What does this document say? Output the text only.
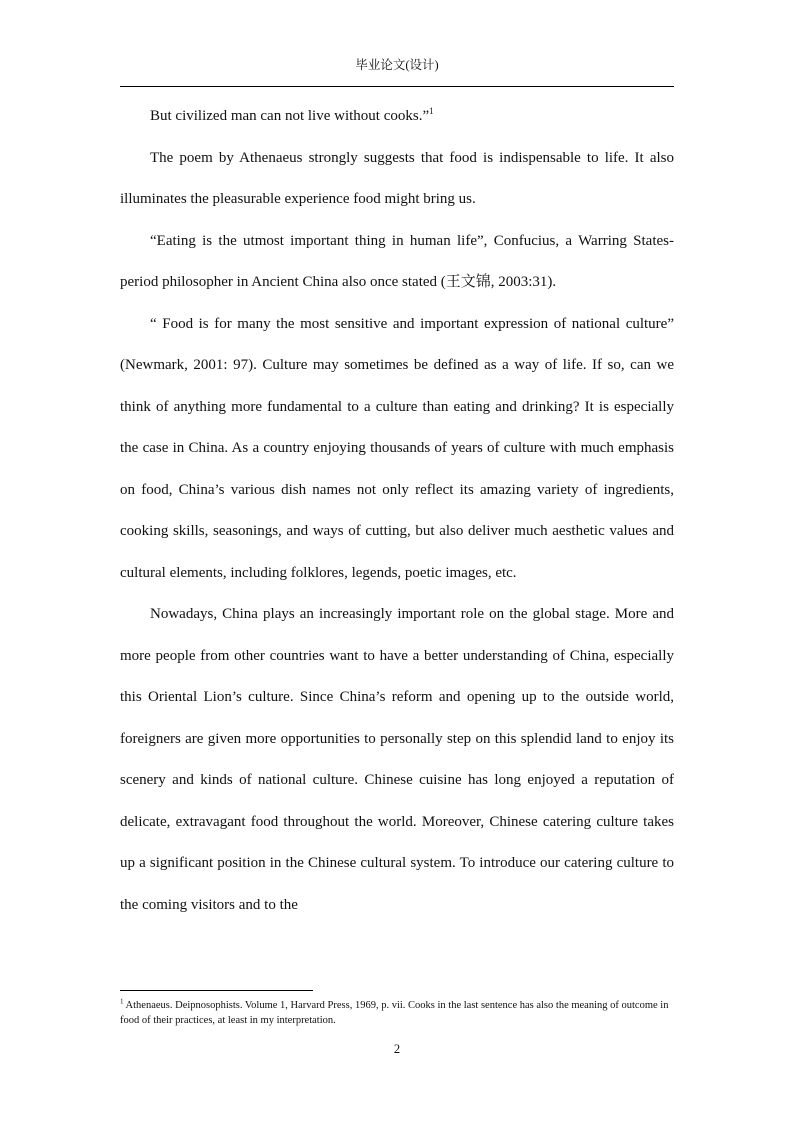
毕业论文(设计)

But civilized man can not live without cooks.”$^1$

The poem by Athenaeus strongly suggests that food is indispensable to life. It also illuminates the pleasurable experience food might bring us.

“Eating is the utmost important thing in human life”, Confucius, a Warring States-period philosopher in Ancient China also once stated (王文锦, 2003:31).

“ Food is for many the most sensitive and important expression of national culture” (Newmark, 2001: 97). Culture may sometimes be defined as a way of life. If so, can we think of anything more fundamental to a culture than eating and drinking? It is especially the case in China. As a country enjoying thousands of years of culture with much emphasis on food, China’s various dish names not only reflect its amazing variety of ingredients, cooking skills, seasonings, and ways of cutting, but also deliver much aesthetic values and cultural elements, including folklores, legends, poetic images, etc.

Nowadays, China plays an increasingly important role on the global stage. More and more people from other countries want to have a better understanding of China, especially this Oriental Lion’s culture. Since China’s reform and opening up to the outside world, foreigners are given more opportunities to personally step on this splendid land to enjoy its scenery and kinds of national culture. Chinese cuisine has long enjoyed a reputation of delicate, extravagant food throughout the world. Moreover, Chinese catering culture takes up a significant position in the Chinese cultural system. To introduce our catering culture to the coming visitors and to the

$^1$ Athenaeus. Deipnosophists. Volume 1, Harvard Press, 1969, p. vii. Cooks in the last sentence has also the meaning of outcome in food of their practices, at least in my interpretation.
2
